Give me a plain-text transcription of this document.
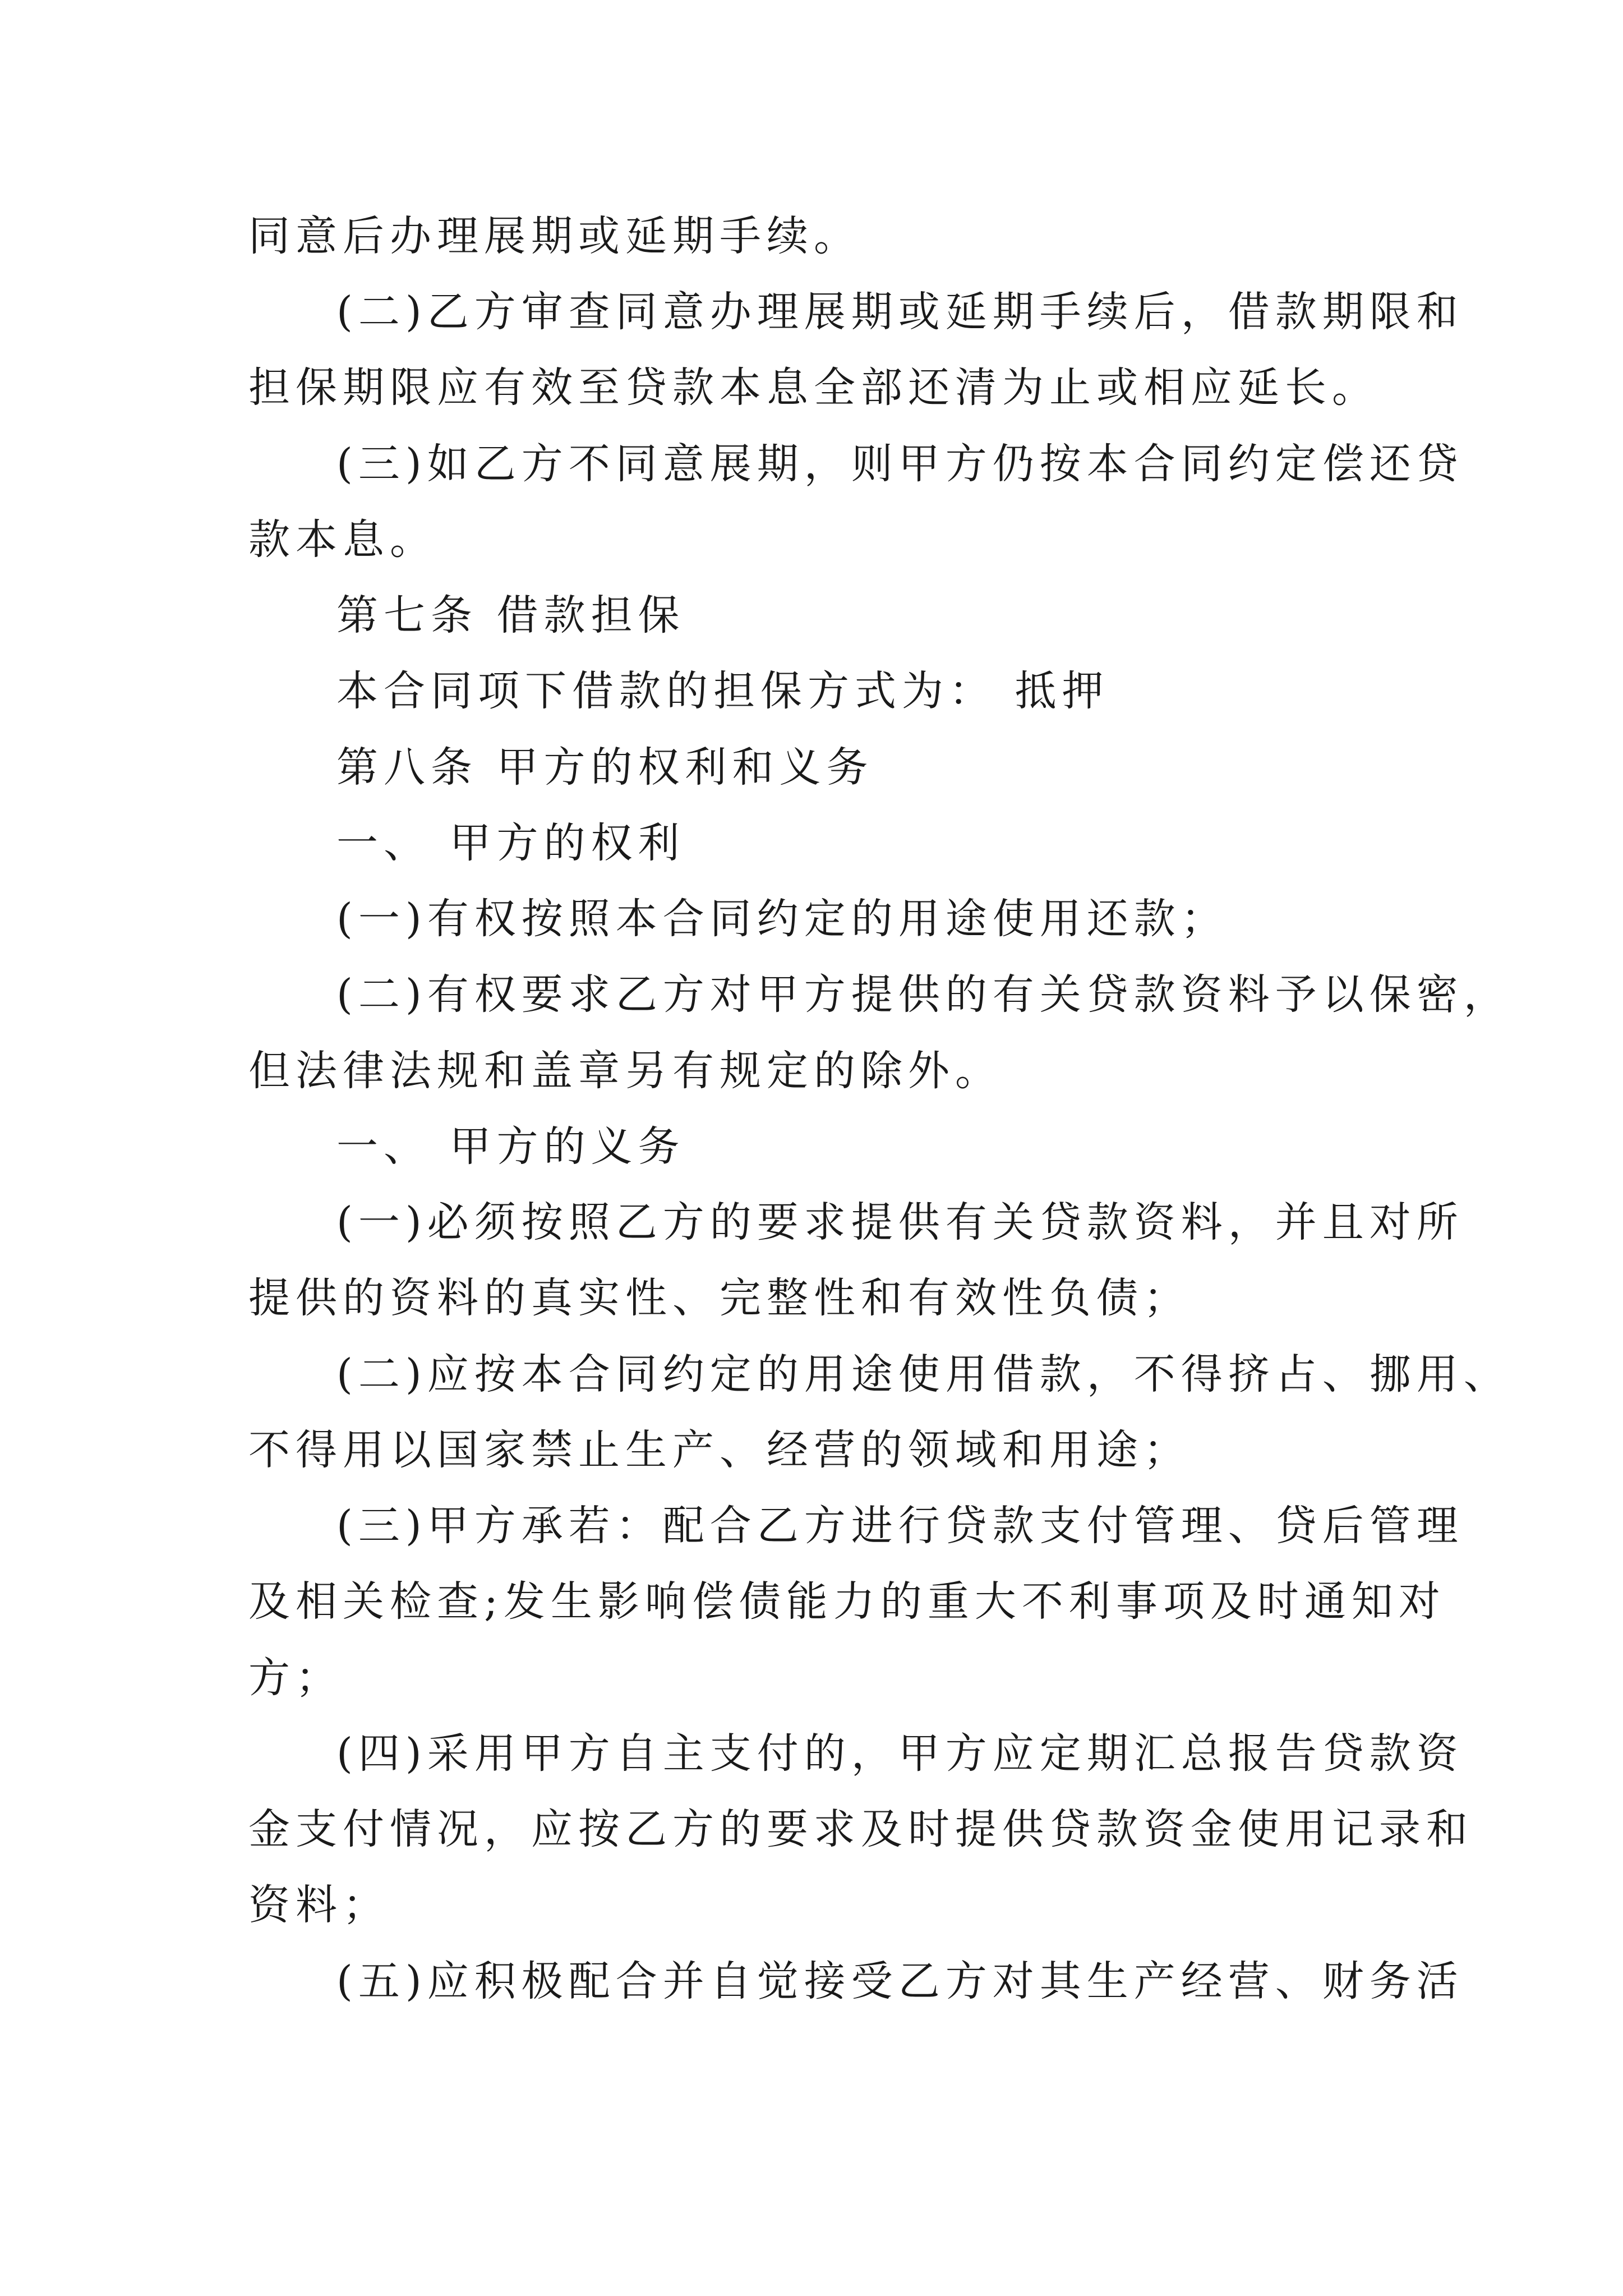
同意后办理展期或延期手续。
(二)乙方审查同意办理展期或延期手续后，借款期限和
担保期限应有效至贷款本息全部还清为止或相应延长。
(三)如乙方不同意展期，则甲方仍按本合同约定偿还贷
款本息。
第七条 借款担保
本合同项下借款的担保方式为： 抵押
第八条 甲方的权利和义务
一、 甲方的权利
(一)有权按照本合同约定的用途使用还款；
(二)有权要求乙方对甲方提供的有关贷款资料予以保密，
但法律法规和盖章另有规定的除外。
一、 甲方的义务
(一)必须按照乙方的要求提供有关贷款资料，并且对所
提供的资料的真实性、完整性和有效性负债；
(二)应按本合同约定的用途使用借款，不得挤占、挪用、
不得用以国家禁止生产、经营的领域和用途；
(三)甲方承若：配合乙方进行贷款支付管理、贷后管理
及相关检查;发生影响偿债能力的重大不利事项及时通知对
方；
(四)采用甲方自主支付的，甲方应定期汇总报告贷款资
金支付情况，应按乙方的要求及时提供贷款资金使用记录和
资料；
(五)应积极配合并自觉接受乙方对其生产经营、财务活
